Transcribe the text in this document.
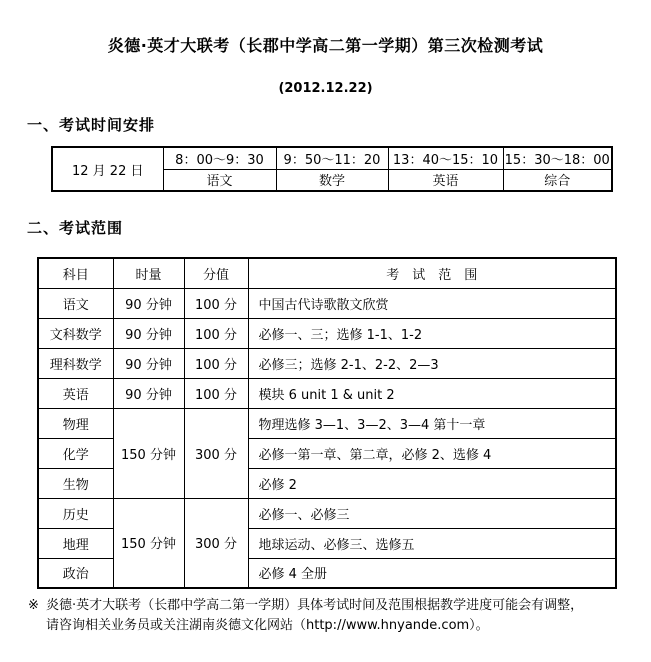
炎德·英才大联考（长郡中学高二第一学期）第三次检测考试
(2012.12.22)
一、考试时间安排
12 月 22 日	8：00～9：30	9：50～11：20	13：40～15：10	15：30～18：00
	语文	数学	英语	综合
二、考试范围
科目	时量	分值	考　试　范　围
语文	90 分钟	100 分	中国古代诗歌散文欣赏
文科数学	90 分钟	100 分	必修一、三；选修 1-1、1-2
理科数学	90 分钟	100 分	必修三；选修 2-1、2-2、2—3
英语	90 分钟	100 分	模块 6 unit 1 & unit 2
物理	150 分钟	300 分	物理选修 3—1、3—2、3—4 第十一章
化学			必修一第一章、第二章，必修 2、选修 4
生物			必修 2
历史	150 分钟	300 分	必修一、必修三
地理			地球运动、必修三、选修五
政治			必修 4 全册
※ 炎德·英才大联考（长郡中学高二第一学期）具体考试时间及范围根据教学进度可能会有调整，
请咨询相关业务员或关注湖南炎德文化网站（http://www.hnyande.com）。
